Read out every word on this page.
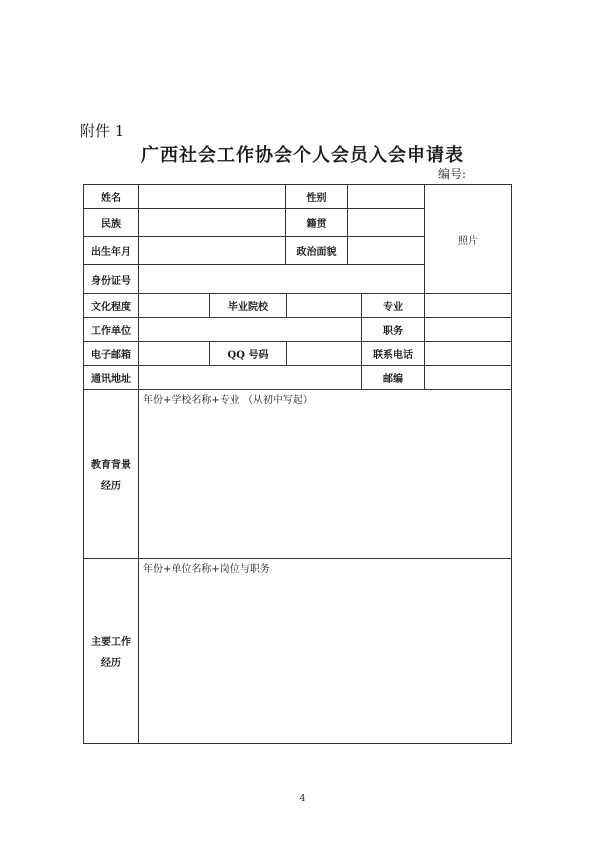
附件 1
广西社会工作协会个人会员入会申请表
编号:
姓名	性别
民族	籍贯
出生年月	政治面貌
照片
身份证号
文化程度	毕业院校	专业
工作单位	职务
电子邮箱	QQ 号码	联系电话
通讯地址	邮编
教育背景
经历
年份+学校名称+专业 （从初中写起）
主要工作
经历
年份+单位名称+岗位与职务
4
